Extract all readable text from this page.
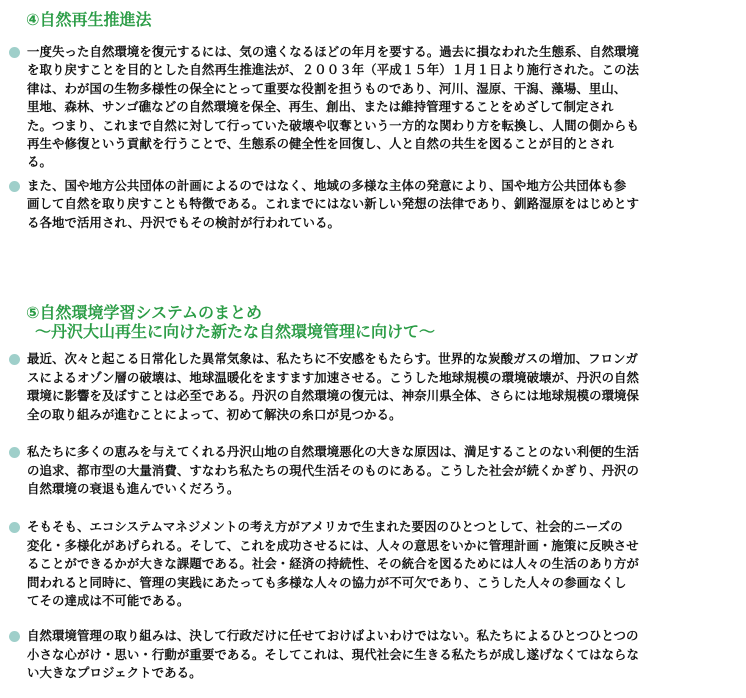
④自然再生推進法
一度失った自然環境を復元するには、気の遠くなるほどの年月を要する。過去に損なわれた生態系、自然環境
を取り戻すことを目的とした自然再生推進法が、２００３年（平成１５年）１月１日より施行された。この法
律は、わが国の生物多様性の保全にとって重要な役割を担うものであり、河川、湿原、干潟、藻場、里山、
里地、森林、サンゴ礁などの自然環境を保全、再生、創出、または維持管理することをめざして制定され
た。つまり、これまで自然に対して行っていた破壊や収奪という一方的な関わり方を転換し、人間の側からも
再生や修復という貢献を行うことで、生態系の健全性を回復し、人と自然の共生を図ることが目的とされ
る。
また、国や地方公共団体の計画によるのではなく、地域の多様な主体の発意により、国や地方公共団体も参
画して自然を取り戻すことも特徴である。これまでにはない新しい発想の法律であり、釧路湿原をはじめとす
る各地で活用され、丹沢でもその検討が行われている。
⑤自然環境学習システムのまとめ
～丹沢大山再生に向けた新たな自然環境管理に向けて～
最近、次々と起こる日常化した異常気象は、私たちに不安感をもたらす。世界的な炭酸ガスの増加、フロンガ
スによるオゾン層の破壊は、地球温暖化をますます加速させる。こうした地球規模の環境破壊が、丹沢の自然
環境に影響を及ぼすことは必至である。丹沢の自然環境の復元は、神奈川県全体、さらには地球規模の環境保
全の取り組みが進むことによって、初めて解決の糸口が見つかる。
私たちに多くの恵みを与えてくれる丹沢山地の自然環境悪化の大きな原因は、満足することのない利便的生活
の追求、都市型の大量消費、すなわち私たちの現代生活そのものにある。こうした社会が続くかぎり、丹沢の
自然環境の衰退も進んでいくだろう。
そもそも、エコシステムマネジメントの考え方がアメリカで生まれた要因のひとつとして、社会的ニーズの
変化・多様化があげられる。そして、これを成功させるには、人々の意思をいかに管理計画・施策に反映させ
ることができるかが大きな課題である。社会・経済の持続性、その統合を図るためには人々の生活のあり方が
問われると同時に、管理の実践にあたっても多様な人々の協力が不可欠であり、こうした人々の参画なくし
てその達成は不可能である。
自然環境管理の取り組みは、決して行政だけに任せておけばよいわけではない。私たちによるひとつひとつの
小さな心がけ・思い・行動が重要である。そしてこれは、現代社会に生きる私たちが成し遂げなくてはならな
い大きなプロジェクトである。
